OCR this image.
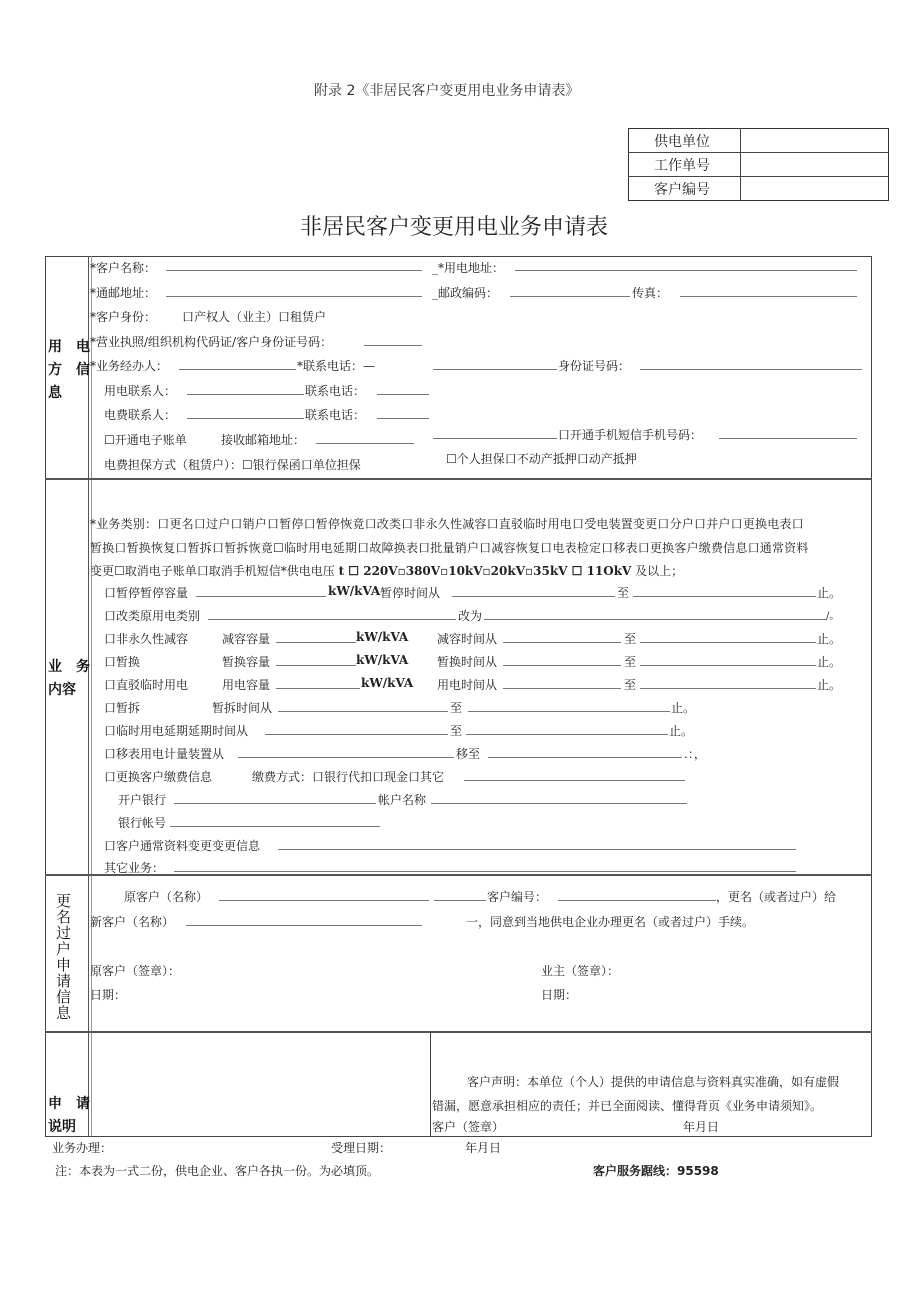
附录 2《非居民客户变更用电业务申请表》
供电单位
工作单号
客户编号
非居民客户变更用电业务申请表
用　电
方　信
息
*客户名称：	_*用电地址：
*通邮地址：	_邮政编码：	传真：
*客户身份： 口产权人（业主）口租赁户
*营业执照/组织机构代码证/客户身份证号码：
*业务经办人：	*联系电话：—	身份证号码：
用电联系人：	联系电话：
电费联系人：	联系电话：
☐开通电子账单	接收邮箱地址：	口开通手机短信手机号码：
电费担保方式（租赁户）：☐银行保函口单位担保	☐个人担保口不动产抵押口动产抵押
业　务
内容
*业务类别：口更名口过户口销户口暂停口暂停恢竟口改类口非永久性减容口直驳临时用电口受电装置变更口分户口并户口更换电表口
暂换口暂换恢复口暂拆口暂拆恢竟☐临时用电延期口故障换表口批量销户口减容恢复口电表检定口移表口更换客户缴费信息口通常资料
变更☐取消电子账单口取消手机短信*供电电压 t ☐ 220V▫380V▫10kV▫20kV▫35kV ☐ 11OkV 及以上；
口暂停暂停容量	kW/kVA 暂停时间从	至	止。
口改类原用电类别	改为	/。
口非永久性减容	减容容量	kW/kVA 减容时间从	至	止。
口暂换	暂换容量	kW/kVA 暂换时间从	至	止。
口直驳临时用电	用电容量	kW/kVA 用电时间从	至	止。
口暂拆	暂拆时间从	至	止。
口临时用电延期延期时间从	至	止。
口移表用电计量装置从	移至	.：，
口更换客户缴费信息	缴费方式：口银行代扣口现金口其它
开户银行	帐户名称
银行帐号
口客户通常资料变更变更信息
其它业务：
更名过户申请信息	原客户（名称）	客户编号：	，更名（或者过户）给
新客户（名称）	一，同意到当地供电企业办理更名（或者过户）手续。
原客户（签章）：
日期：
业主（签章）：
日期：
申　请
说明
客户声明：本单位（个人）提供的申请信息与资料真实准确，如有虚假
错漏，愿意承担相应的责任；并已全面阅读、懂得背页《业务申请须知》。
客户（签章）	年月日
业务办理：	受理日期：	年月日
注：本表为一式二份，供电企业、客户各执一份。为必填顶。	客户服务踞线：95598
